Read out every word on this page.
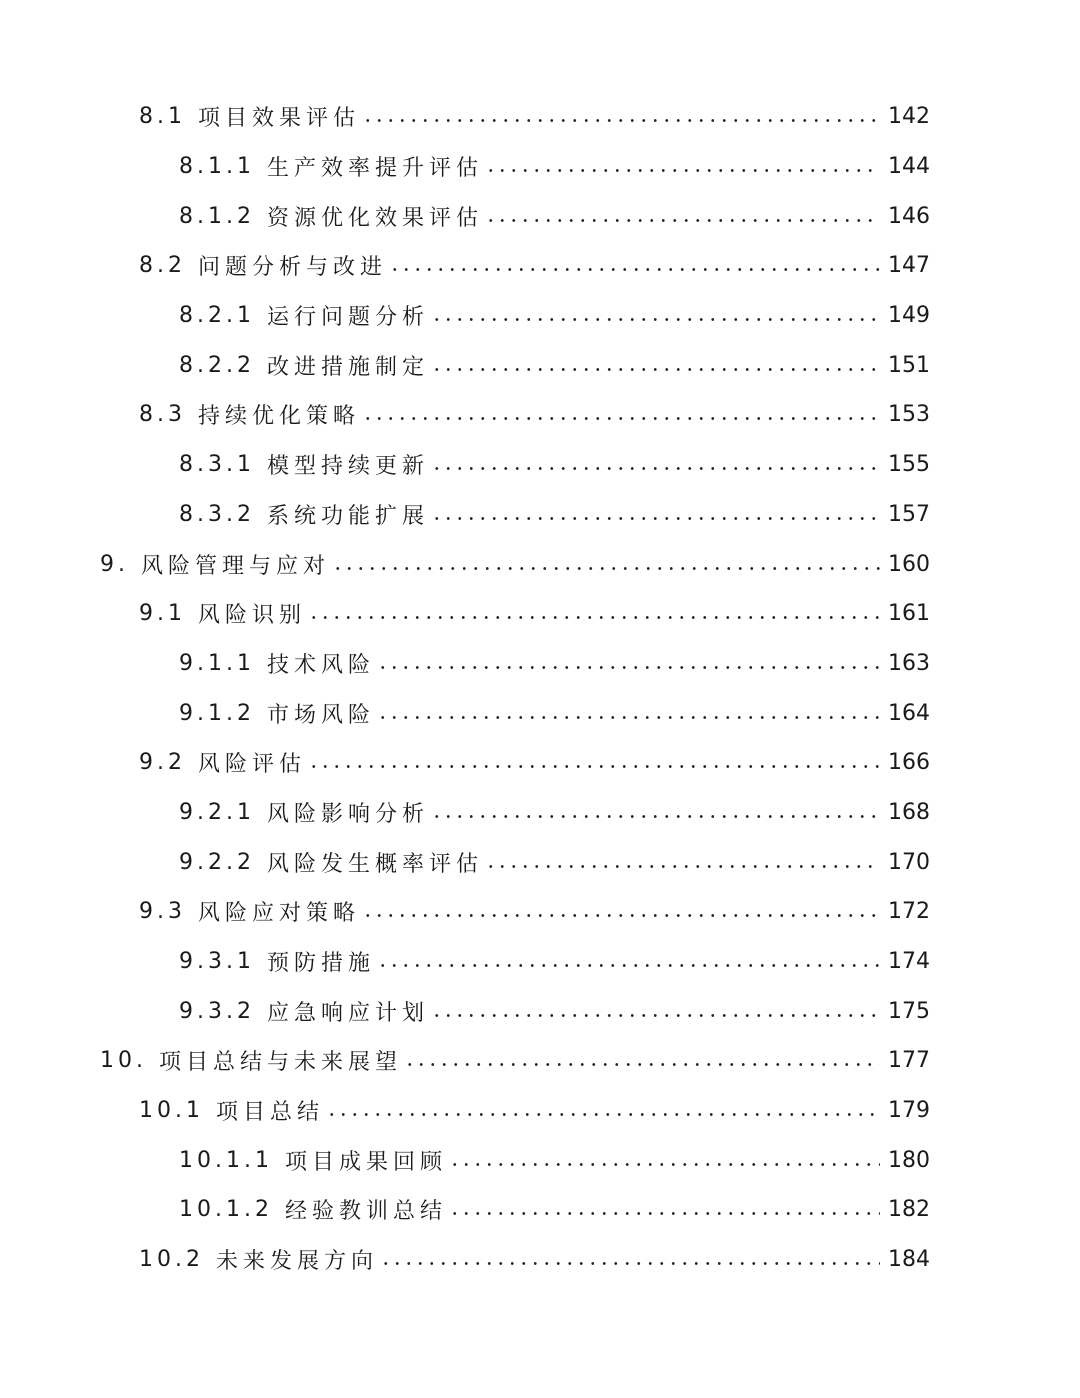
8.1 项目效果评估	142
8.1.1 生产效率提升评估	144
8.1.2 资源优化效果评估	146
8.2 问题分析与改进	147
8.2.1 运行问题分析	149
8.2.2 改进措施制定	151
8.3 持续优化策略	153
8.3.1 模型持续更新	155
8.3.2 系统功能扩展	157
9. 风险管理与应对	160
9.1 风险识别	161
9.1.1 技术风险	163
9.1.2 市场风险	164
9.2 风险评估	166
9.2.1 风险影响分析	168
9.2.2 风险发生概率评估	170
9.3 风险应对策略	172
9.3.1 预防措施	174
9.3.2 应急响应计划	175
10. 项目总结与未来展望	177
10.1 项目总结	179
10.1.1 项目成果回顾	180
10.1.2 经验教训总结	182
10.2 未来发展方向	184
